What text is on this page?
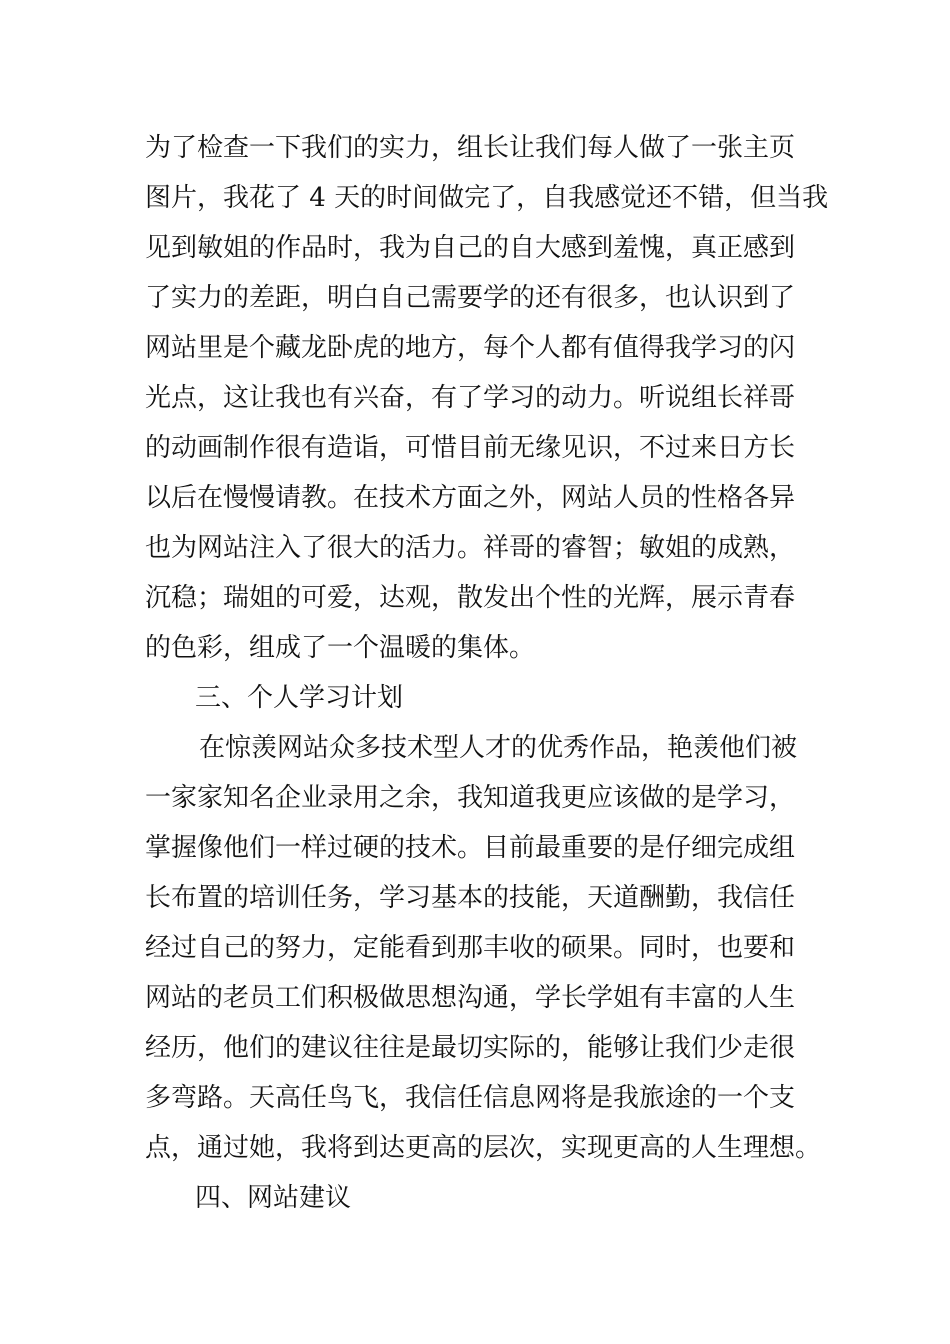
为了检查一下我们的实力，组长让我们每人做了一张主页

图片，我花了 4 天的时间做完了，自我感觉还不错，但当我

见到敏姐的作品时，我为自己的自大感到羞愧，真正感到

了实力的差距，明白自己需要学的还有很多，也认识到了

网站里是个藏龙卧虎的地方，每个人都有值得我学习的闪

光点，这让我也有兴奋，有了学习的动力。听说组长祥哥

的动画制作很有造诣，可惜目前无缘见识，不过来日方长

以后在慢慢请教。在技术方面之外，网站人员的性格各异

也为网站注入了很大的活力。祥哥的睿智；敏姐的成熟，

沉稳；瑞姐的可爱，达观，散发出个性的光辉，展示青春

的色彩，组成了一个温暖的集体。

三、个人学习计划

在惊羡网站众多技术型人才的优秀作品，艳羡他们被

一家家知名企业录用之余，我知道我更应该做的是学习，

掌握像他们一样过硬的技术。目前最重要的是仔细完成组

长布置的培训任务，学习基本的技能，天道酬勤，我信任

经过自己的努力，定能看到那丰收的硕果。同时，也要和

网站的老员工们积极做思想沟通，学长学姐有丰富的人生

经历，他们的建议往往是最切实际的，能够让我们少走很

多弯路。天高任鸟飞，我信任信息网将是我旅途的一个支

点，通过她，我将到达更高的层次，实现更高的人生理想。

四、网站建议
